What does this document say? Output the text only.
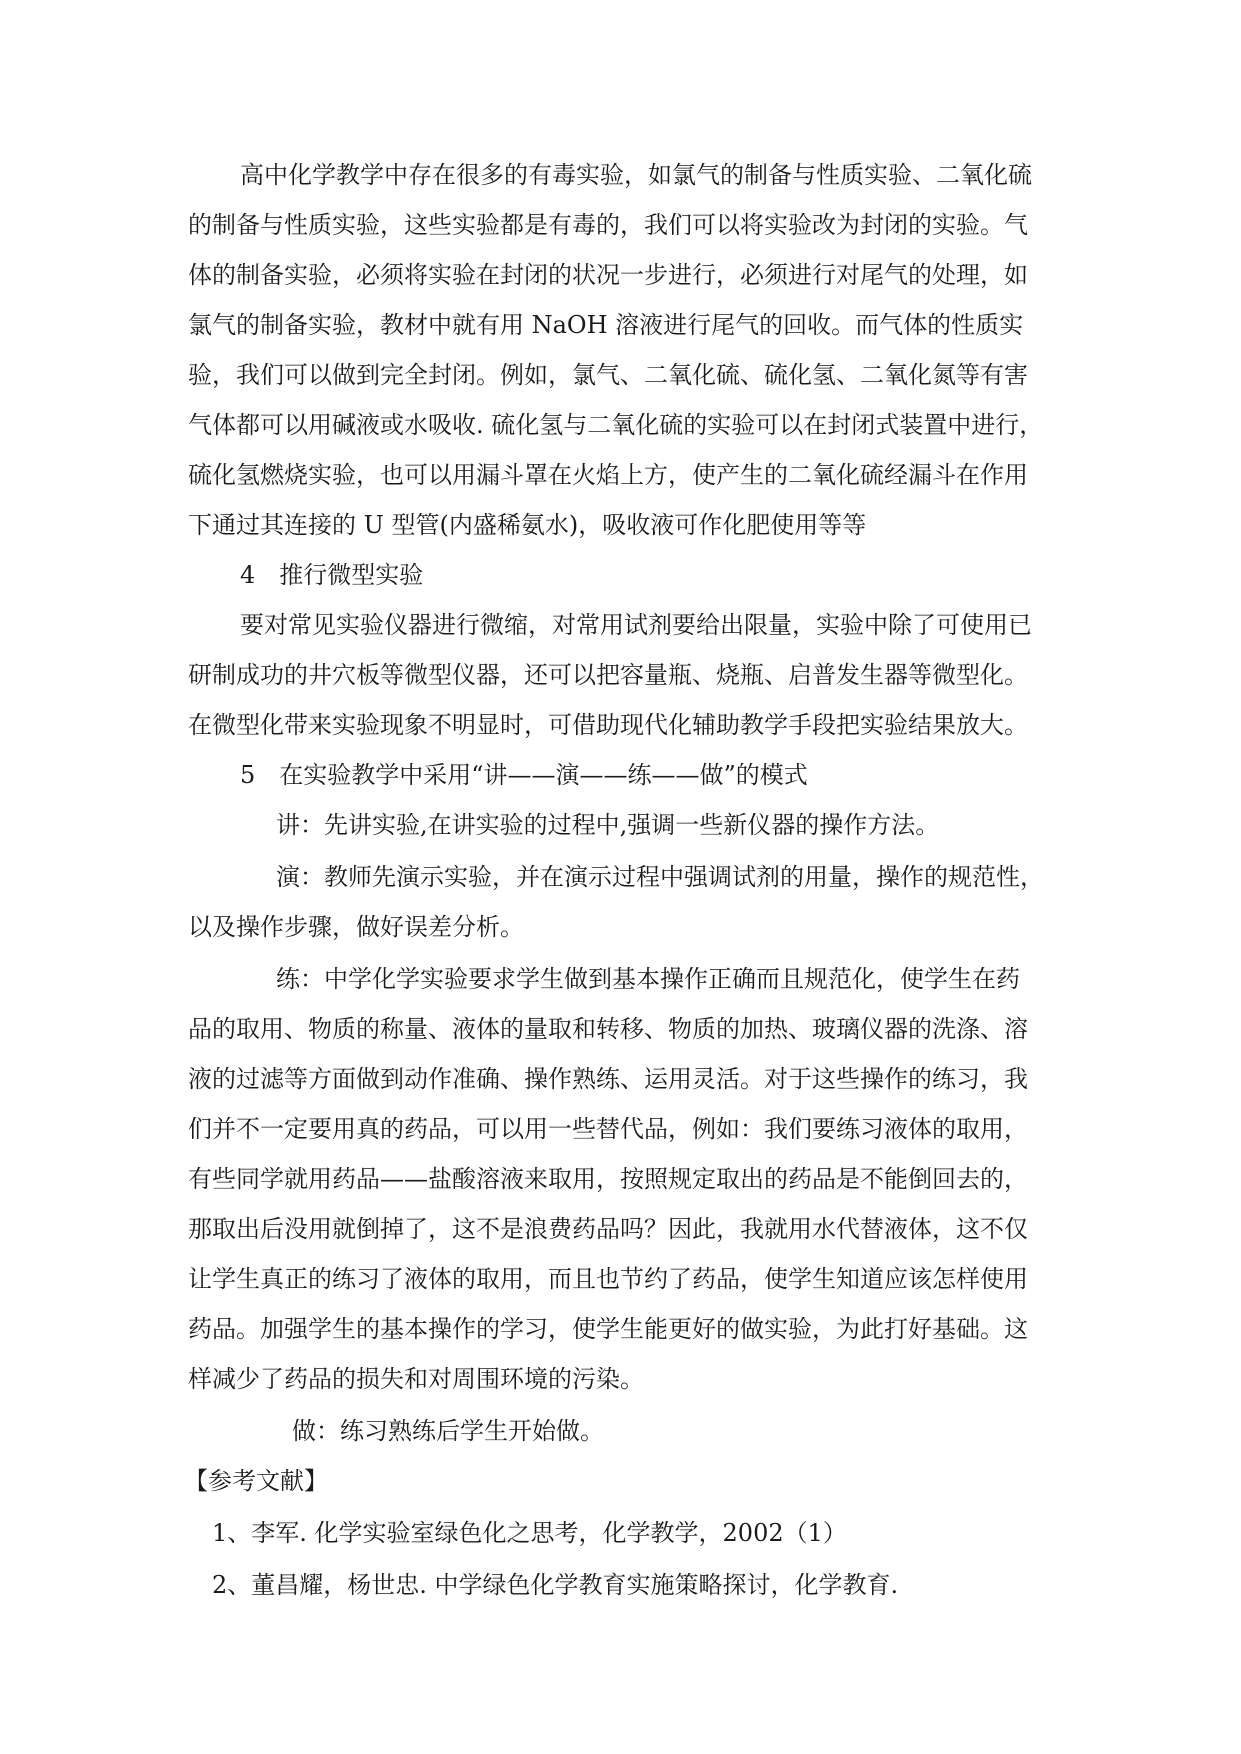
高中化学教学中存在很多的有毒实验，如氯气的制备与性质实验、二氧化硫
的制备与性质实验，这些实验都是有毒的，我们可以将实验改为封闭的实验。气
体的制备实验，必须将实验在封闭的状况一步进行，必须进行对尾气的处理，如
氯气的制备实验，教材中就有用 NaOH 溶液进行尾气的回收。而气体的性质实
验，我们可以做到完全封闭。例如，氯气、二氧化硫、硫化氢、二氧化氮等有害
气体都可以用碱液或水吸收. 硫化氢与二氧化硫的实验可以在封闭式装置中进行，
硫化氢燃烧实验，也可以用漏斗罩在火焰上方，使产生的二氧化硫经漏斗在作用
下通过其连接的 U 型管(内盛稀氨水)，吸收液可作化肥使用等等
4　推行微型实验
要对常见实验仪器进行微缩，对常用试剂要给出限量，实验中除了可使用已
研制成功的井穴板等微型仪器，还可以把容量瓶、烧瓶、启普发生器等微型化。
在微型化带来实验现象不明显时，可借助现代化辅助教学手段把实验结果放大。
5　在实验教学中采用“讲——演——练——做”的模式
讲：先讲实验,在讲实验的过程中,强调一些新仪器的操作方法。
演：教师先演示实验，并在演示过程中强调试剂的用量，操作的规范性，
以及操作步骤，做好误差分析。
练：中学化学实验要求学生做到基本操作正确而且规范化，使学生在药
品的取用、物质的称量、液体的量取和转移、物质的加热、玻璃仪器的洗涤、溶
液的过滤等方面做到动作准确、操作熟练、运用灵活。对于这些操作的练习，我
们并不一定要用真的药品，可以用一些替代品，例如：我们要练习液体的取用，
有些同学就用药品——盐酸溶液来取用，按照规定取出的药品是不能倒回去的，
那取出后没用就倒掉了，这不是浪费药品吗？因此，我就用水代替液体，这不仅
让学生真正的练习了液体的取用，而且也节约了药品，使学生知道应该怎样使用
药品。加强学生的基本操作的学习，使学生能更好的做实验，为此打好基础。这
样减少了药品的损失和对周围环境的污染。
做：练习熟练后学生开始做。
【参考文献】
1、李军. 化学实验室绿色化之思考，化学教学，2002（1）
2、董昌耀，杨世忠. 中学绿色化学教育实施策略探讨，化学教育.
